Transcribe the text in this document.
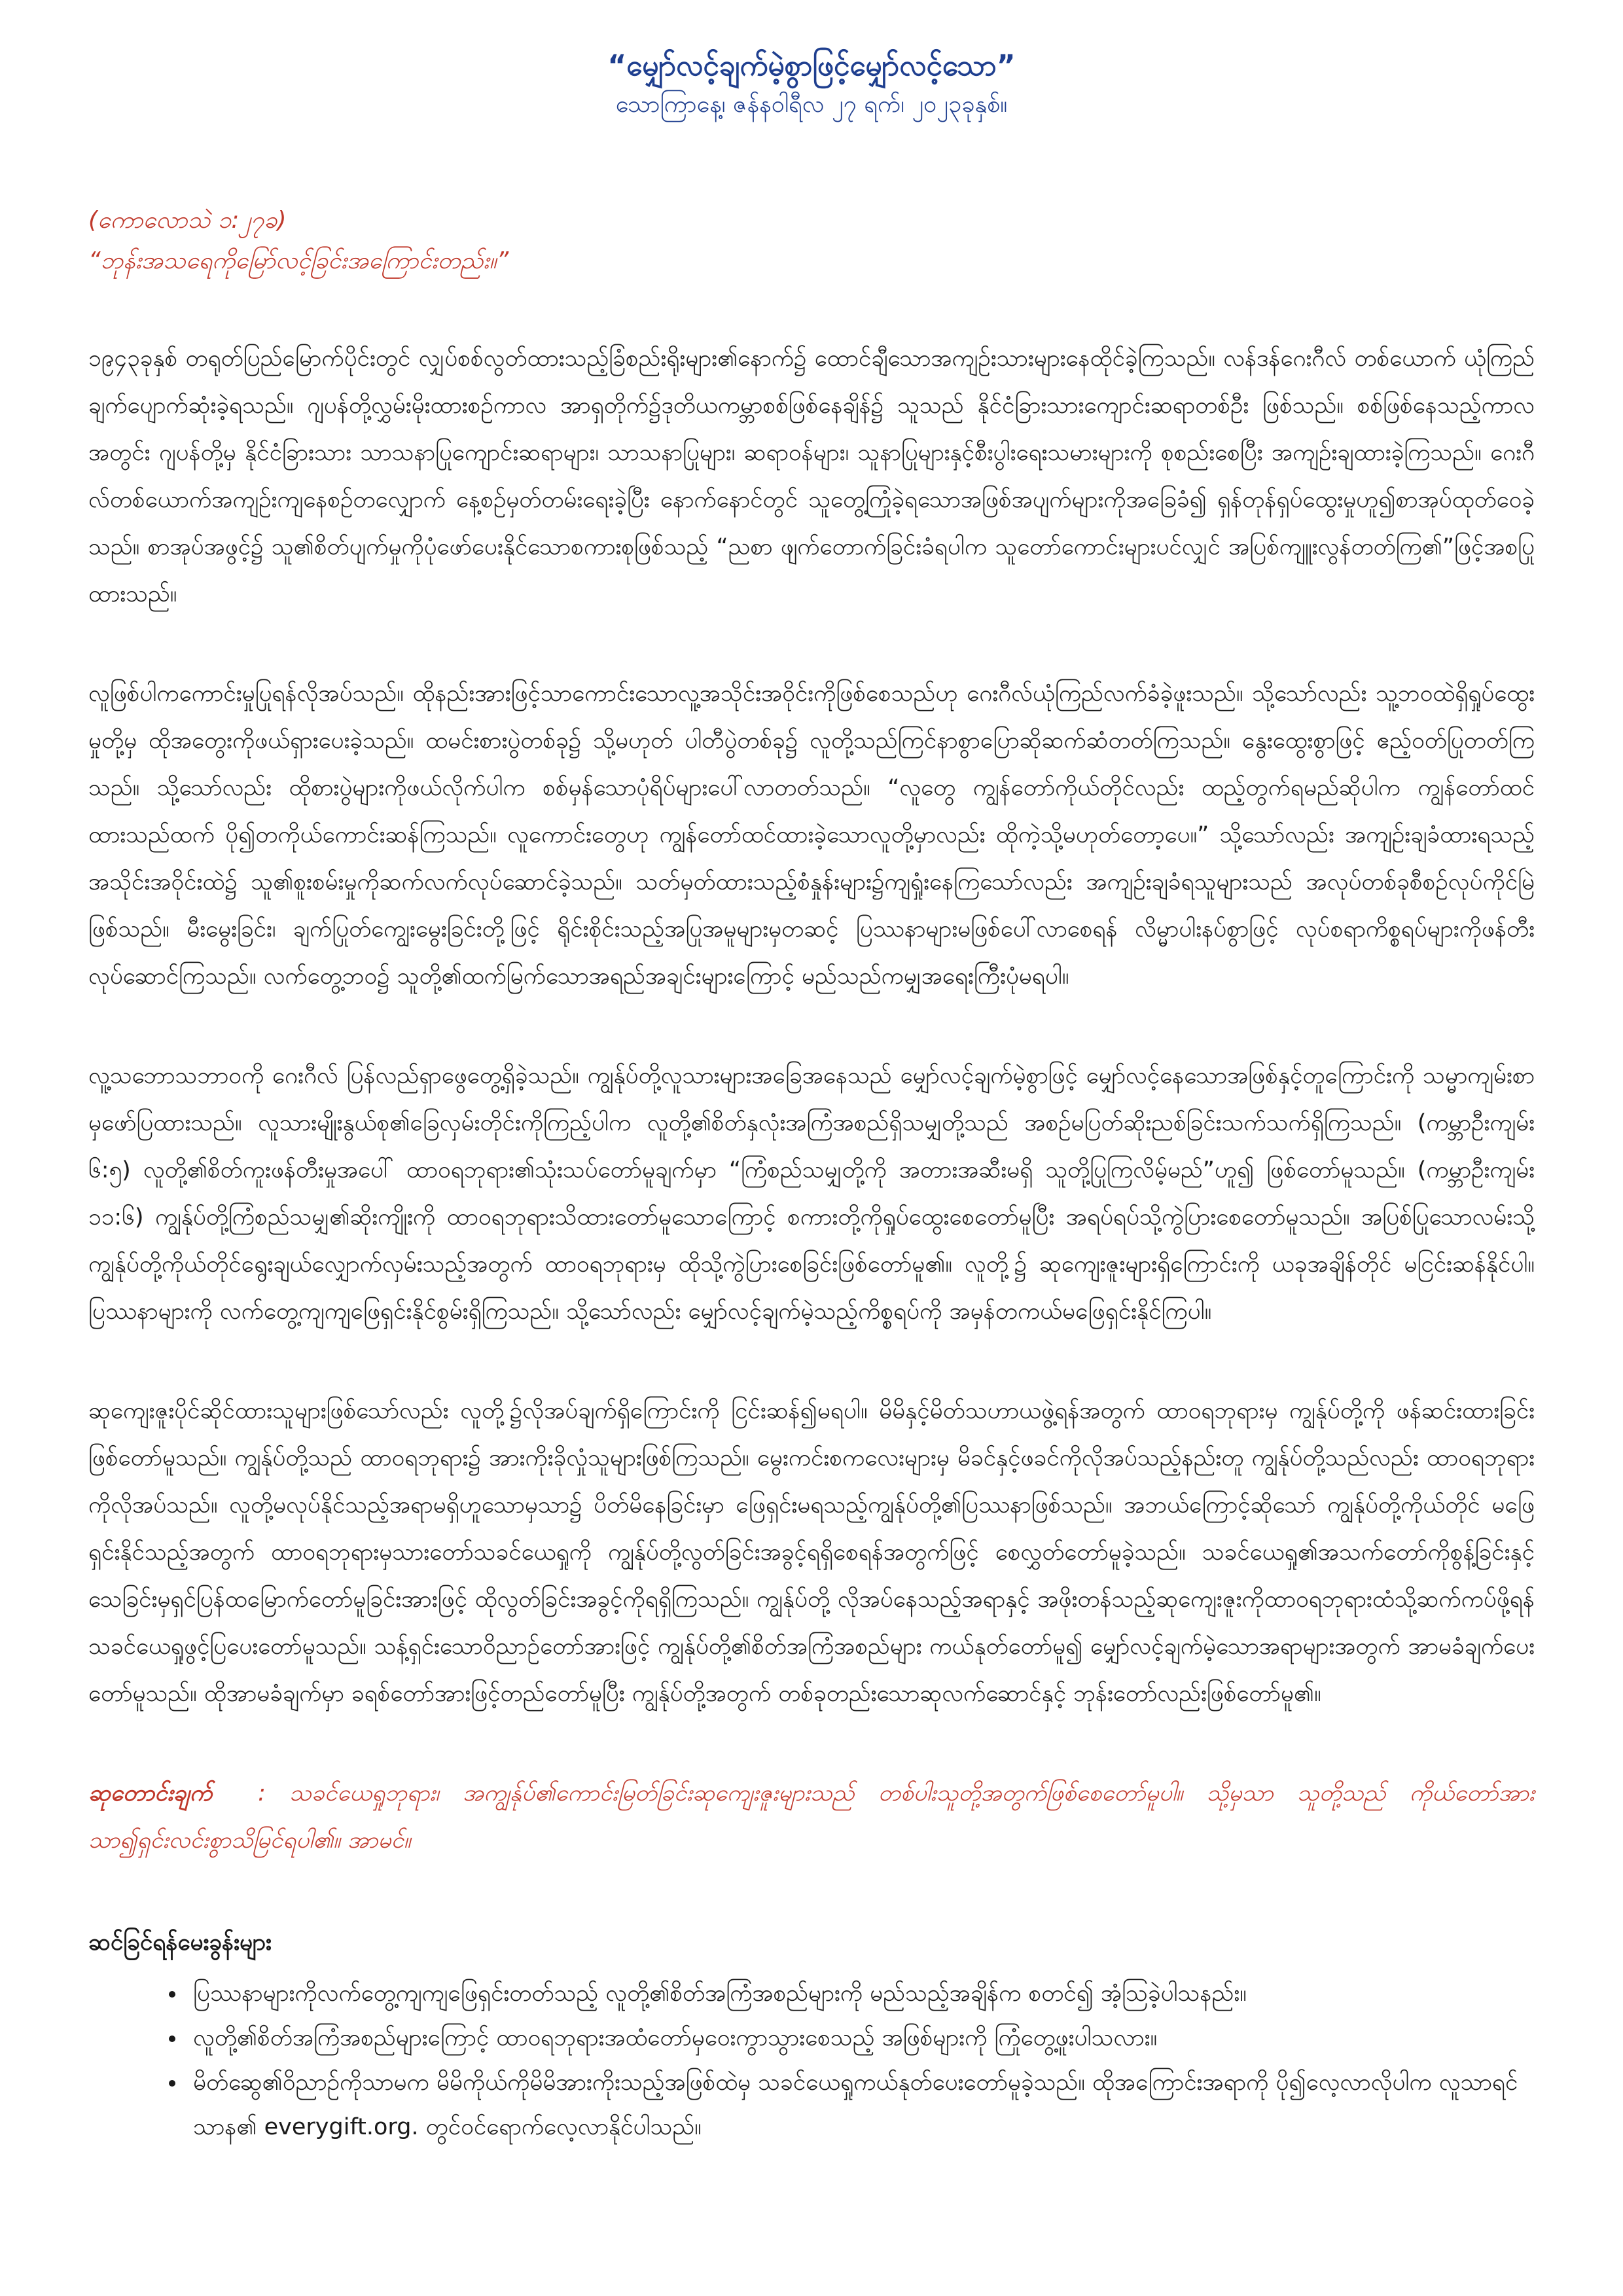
“မျှော်လင့်ချက်မဲ့စွာဖြင့်မျှော်လင့်သော”

သောကြာနေ့၊ ဇန်နဝါရီလ ၂၇ ရက်၊ ၂၀၂၃ခုနှစ်။

(ကောလောသဲ ၁:၂၇ခ)

“ဘုန်းအသရေကိုမြော်လင့်ခြင်းအကြောင်းတည်း။”

၁၉၄၃ခုနှစ် တရုတ်ပြည်မြောက်ပိုင်းတွင် လျှပ်စစ်လွတ်ထားသည့်ခြံစည်းရိုးများ၏နောက်၌ ထောင်ချီသောအကျဉ်းသားများနေထိုင်ခဲ့ကြသည်။ လန်ဒန်ဂေးဂီလ် တစ်ယောက် ယုံကြည်ချက်ပျောက်ဆုံးခဲ့ရသည်။ ဂျပန်တို့လွှမ်းမိုးထားစဉ်ကာလ အာရှတိုက်၌ဒုတိယကမ္ဘာစစ်ဖြစ်နေချိန်၌ သူသည် နိုင်ငံခြားသားကျောင်းဆရာတစ်ဦး ဖြစ်သည်။ စစ်ဖြစ်နေသည့်ကာလအတွင်း ဂျပန်တို့မှ နိုင်ငံခြားသား သာသနာပြုကျောင်းဆရာများ၊ သာသနာပြုများ၊ ဆရာဝန်များ၊ သူနာပြုများနှင့်စီးပွါးရေးသမားများကို စုစည်းစေပြီး အကျဉ်းချထားခဲ့ကြသည်။ ဂေးဂီလ်တစ်ယောက်အကျဉ်းကျနေစဉ်တလျှောက် နေ့စဉ်မှတ်တမ်းရေးခဲ့ပြီး နောက်နောင်တွင် သူတွေ့ကြုံခဲ့ရသောအဖြစ်အပျက်များကိုအခြေခံ၍ ရှန်တုန်ရှပ်ထွေးမှုဟူ၍စာအုပ်ထုတ်ဝေခဲ့သည်။ စာအုပ်အဖွင့်၌ သူ၏စိတ်ပျက်မှုကိုပုံဖော်ပေးနိုင်သောစကားစုဖြစ်သည့် “ညစာ ဖျက်တောက်ခြင်းခံရပါက သူတော်ကောင်းများပင်လျှင် အပြစ်ကျူးလွန်တတ်ကြ၏”ဖြင့်အစပြုထားသည်။

လူဖြစ်ပါကကောင်းမှုပြုရန်လိုအပ်သည်။ ထိုနည်းအားဖြင့်သာကောင်းသောလူ့အသိုင်းအဝိုင်းကိုဖြစ်စေသည်ဟု ဂေးဂီလ်ယုံကြည်လက်ခံခဲ့ဖူးသည်။ သို့သော်လည်း သူ့ဘဝထဲရှိရှုပ်ထွေးမှုတို့မှ ထိုအတွေးကိုဖယ်ရှားပေးခဲ့သည်။ ထမင်းစားပွဲတစ်ခု၌ သို့မဟုတ် ပါတီပွဲတစ်ခု၌ လူတို့သည်ကြင်နာစွာပြောဆိုဆက်ဆံတတ်ကြသည်။ နွေးထွေးစွာဖြင့် ဧည့်ဝတ်ပြုတတ်ကြသည်။ သို့သော်လည်း ထိုစားပွဲများကိုဖယ်လိုက်ပါက စစ်မှန်သောပုံရိပ်များပေါ်လာတတ်သည်။ “လူတွေ ကျွန်တော်ကိုယ်တိုင်လည်း ထည့်တွက်ရမည်ဆိုပါက ကျွန်တော်ထင်ထားသည်ထက် ပို၍တကိုယ်ကောင်းဆန်ကြသည်။ လူကောင်းတွေဟု ကျွန်တော်ထင်ထားခဲ့သောလူတို့မှာလည်း ထိုကဲ့သို့မဟုတ်တော့ပေ။” သို့သော်လည်း အကျဉ်းချခံထားရသည့် အသိုင်းအဝိုင်းထဲ၌ သူ၏စူးစမ်းမှုကိုဆက်လက်လုပ်ဆောင်ခဲ့သည်။ သတ်မှတ်ထားသည့်စံနှုန်းများ၌ကျရှုံးနေကြသော်လည်း အကျဉ်းချခံရသူများသည် အလုပ်တစ်ခုစီစဉ်လုပ်ကိုင်မြဲဖြစ်သည်။ မီးမွေးခြင်း၊ ချက်ပြုတ်ကျွေးမွေးခြင်းတို့ဖြင့် ရိုင်းစိုင်းသည့်အပြုအမူများမှတဆင့် ပြဿနာများမဖြစ်ပေါ်လာစေရန် လိမ္မာပါးနပ်စွာဖြင့် လုပ်စရာကိစ္စရပ်များကိုဖန်တီးလုပ်ဆောင်ကြသည်။ လက်တွေ့ဘဝ၌ သူတို့၏ထက်မြက်သောအရည်အချင်းများကြောင့် မည်သည်ကမျှအရေးကြီးပုံမရပါ။

လူ့သဘောသဘာဝကို ဂေးဂီလ် ပြန်လည်ရှာဖွေတွေ့ရှိခဲ့သည်။ ကျွန်ုပ်တို့လူသားများအခြေအနေသည် မျှော်လင့်ချက်မဲ့စွာဖြင့် မျှော်လင့်နေသောအဖြစ်နှင့်တူကြောင်းကို သမ္မာကျမ်းစာမှဖော်ပြထားသည်။ လူသားမျိုးနွယ်စု၏ခြေလှမ်းတိုင်းကိုကြည့်ပါက လူတို့၏စိတ်နှလုံးအကြံအစည်ရှိသမျှတို့သည် အစဉ်မပြတ်ဆိုးညစ်ခြင်းသက်သက်ရှိကြသည်။ (ကမ္ဘာဦးကျမ်း ၆:၅) လူတို့၏စိတ်ကူးဖန်တီးမှုအပေါ် ထာဝရဘုရား၏သုံးသပ်တော်မူချက်မှာ “ကြံစည်သမျှတို့ကို အတားအဆီးမရှိ သူတို့ပြုကြလိမ့်မည်”ဟူ၍ ဖြစ်တော်မူသည်။ (ကမ္ဘာဦးကျမ်း ၁၁:၆) ကျွန်ုပ်တို့ကြံစည်သမျှ၏ဆိုးကျိုးကို ထာဝရဘုရားသိထားတော်မူသောကြောင့် စကားတို့ကိုရှုပ်ထွေးစေတော်မူပြီး အရပ်ရပ်သို့ကွဲပြားစေတော်မူသည်။ အပြစ်ပြုသောလမ်းသို့ ကျွန်ုပ်တို့ကိုယ်တိုင်ရွေးချယ်လျှောက်လှမ်းသည့်အတွက် ထာဝရဘုရားမှ ထိုသို့ကွဲပြားစေခြင်းဖြစ်တော်မူ၏။ လူတို့၌ ဆုကျေးဇူးများရှိကြောင်းကို ယခုအချိန်တိုင် မငြင်းဆန်နိုင်ပါ။ ပြဿနာများကို လက်တွေ့ကျကျဖြေရှင်းနိုင်စွမ်းရှိကြသည်။ သို့သော်လည်း မျှော်လင့်ချက်မဲ့သည့်ကိစ္စရပ်ကို အမှန်တကယ်မဖြေရှင်းနိုင်ကြပါ။

ဆုကျေးဇူးပိုင်ဆိုင်ထားသူများဖြစ်သော်လည်း လူတို့၌လိုအပ်ချက်ရှိကြောင်းကို ငြင်းဆန်၍မရပါ။ မိမိနှင့်မိတ်သဟာယဖွဲ့ရန်အတွက် ထာဝရဘုရားမှ ကျွန်ုပ်တို့ကို ဖန်ဆင်းထားခြင်းဖြစ်တော်မူသည်။ ကျွန်ုပ်တို့သည် ထာဝရဘုရား၌ အားကိုးခိုလှုံသူများဖြစ်ကြသည်။ မွေးကင်းစကလေးများမှ မိခင်နှင့်ဖခင်ကိုလိုအပ်သည့်နည်းတူ ကျွန်ုပ်တို့သည်လည်း ထာဝရဘုရားကိုလိုအပ်သည်။ လူတို့မလုပ်နိုင်သည့်အရာမရှိဟူသောမှသာ၌ ပိတ်မိနေခြင်းမှာ ဖြေရှင်းမရသည့်ကျွန်ုပ်တို့၏ပြဿနာဖြစ်သည်။ အဘယ်ကြောင့်ဆိုသော် ကျွန်ုပ်တို့ကိုယ်တိုင် မဖြေရှင်းနိုင်သည့်အတွက် ထာဝရဘုရားမှသားတော်သခင်ယေရှုကို ကျွန်ုပ်တို့လွတ်ခြင်းအခွင့်ရရှိစေရန်အတွက်ဖြင့် စေလွှတ်တော်မူခဲ့သည်။ သခင်ယေရှု၏အသက်တော်ကိုစွန့်ခြင်းနှင့် သေခြင်းမှရှင်ပြန်ထမြောက်တော်မူခြင်းအားဖြင့် ထိုလွတ်ခြင်းအခွင့်ကိုရရှိကြသည်။ ကျွန်ုပ်တို့ လိုအပ်နေသည့်အရာနှင့် အဖိုးတန်သည့်ဆုကျေးဇူးကိုထာဝရဘုရားထံသို့ဆက်ကပ်ဖို့ရန် သခင်ယေရှုဖွင့်ပြပေးတော်မူသည်။ သန့်ရှင်းသောဝိညာဉ်တော်အားဖြင့် ကျွန်ုပ်တို့၏စိတ်အကြံအစည်များ ကယ်နုတ်တော်မူ၍ မျှော်လင့်ချက်မဲ့သောအရာများအတွက် အာမခံချက်ပေးတော်မူသည်။ ထိုအာမခံချက်မှာ ခရစ်တော်အားဖြင့်တည်တော်မူပြီး ကျွန်ုပ်တို့အတွက် တစ်ခုတည်းသောဆုလက်ဆောင်နှင့် ဘုန်းတော်လည်းဖြစ်တော်မူ၏။

ဆုတောင်းချက် : သခင်ယေရှုဘုရား၊ အကျွန်ုပ်၏ကောင်းမြတ်ခြင်းဆုကျေးဇူးများသည် တစ်ပါးသူတို့အတွက်ဖြစ်စေတော်မူပါ။ သို့မှသာ သူတို့သည် ကိုယ်တော်အား သာ၍ရှင်းလင်းစွာသိမြင်ရပါ၏။ အာမင်။

ဆင်ခြင်ရန်မေးခွန်းများ

• ပြဿနာများကိုလက်တွေ့ကျကျဖြေရှင်းတတ်သည့် လူတို့၏စိတ်အကြံအစည်များကို မည်သည့်အချိန်က စတင်၍ အံ့သြခဲ့ပါသနည်း။
• လူတို့၏စိတ်အကြံအစည်များကြောင့် ထာဝရဘုရားအထံတော်မှဝေးကွာသွားစေသည့် အဖြစ်များကို ကြုံတွေ့ဖူးပါသလား။
• မိတ်ဆွေ၏ဝိညာဉ်ကိုသာမက မိမိကိုယ်ကိုမိမိအားကိုးသည့်အဖြစ်ထဲမှ သခင်ယေရှုကယ်နုတ်ပေးတော်မူခဲ့သည်။ ထိုအကြောင်းအရာကို ပို၍လေ့လာလိုပါက လူသာရင်သာန၏ everygift.org. တွင်ဝင်ရောက်လေ့လာနိုင်ပါသည်။
